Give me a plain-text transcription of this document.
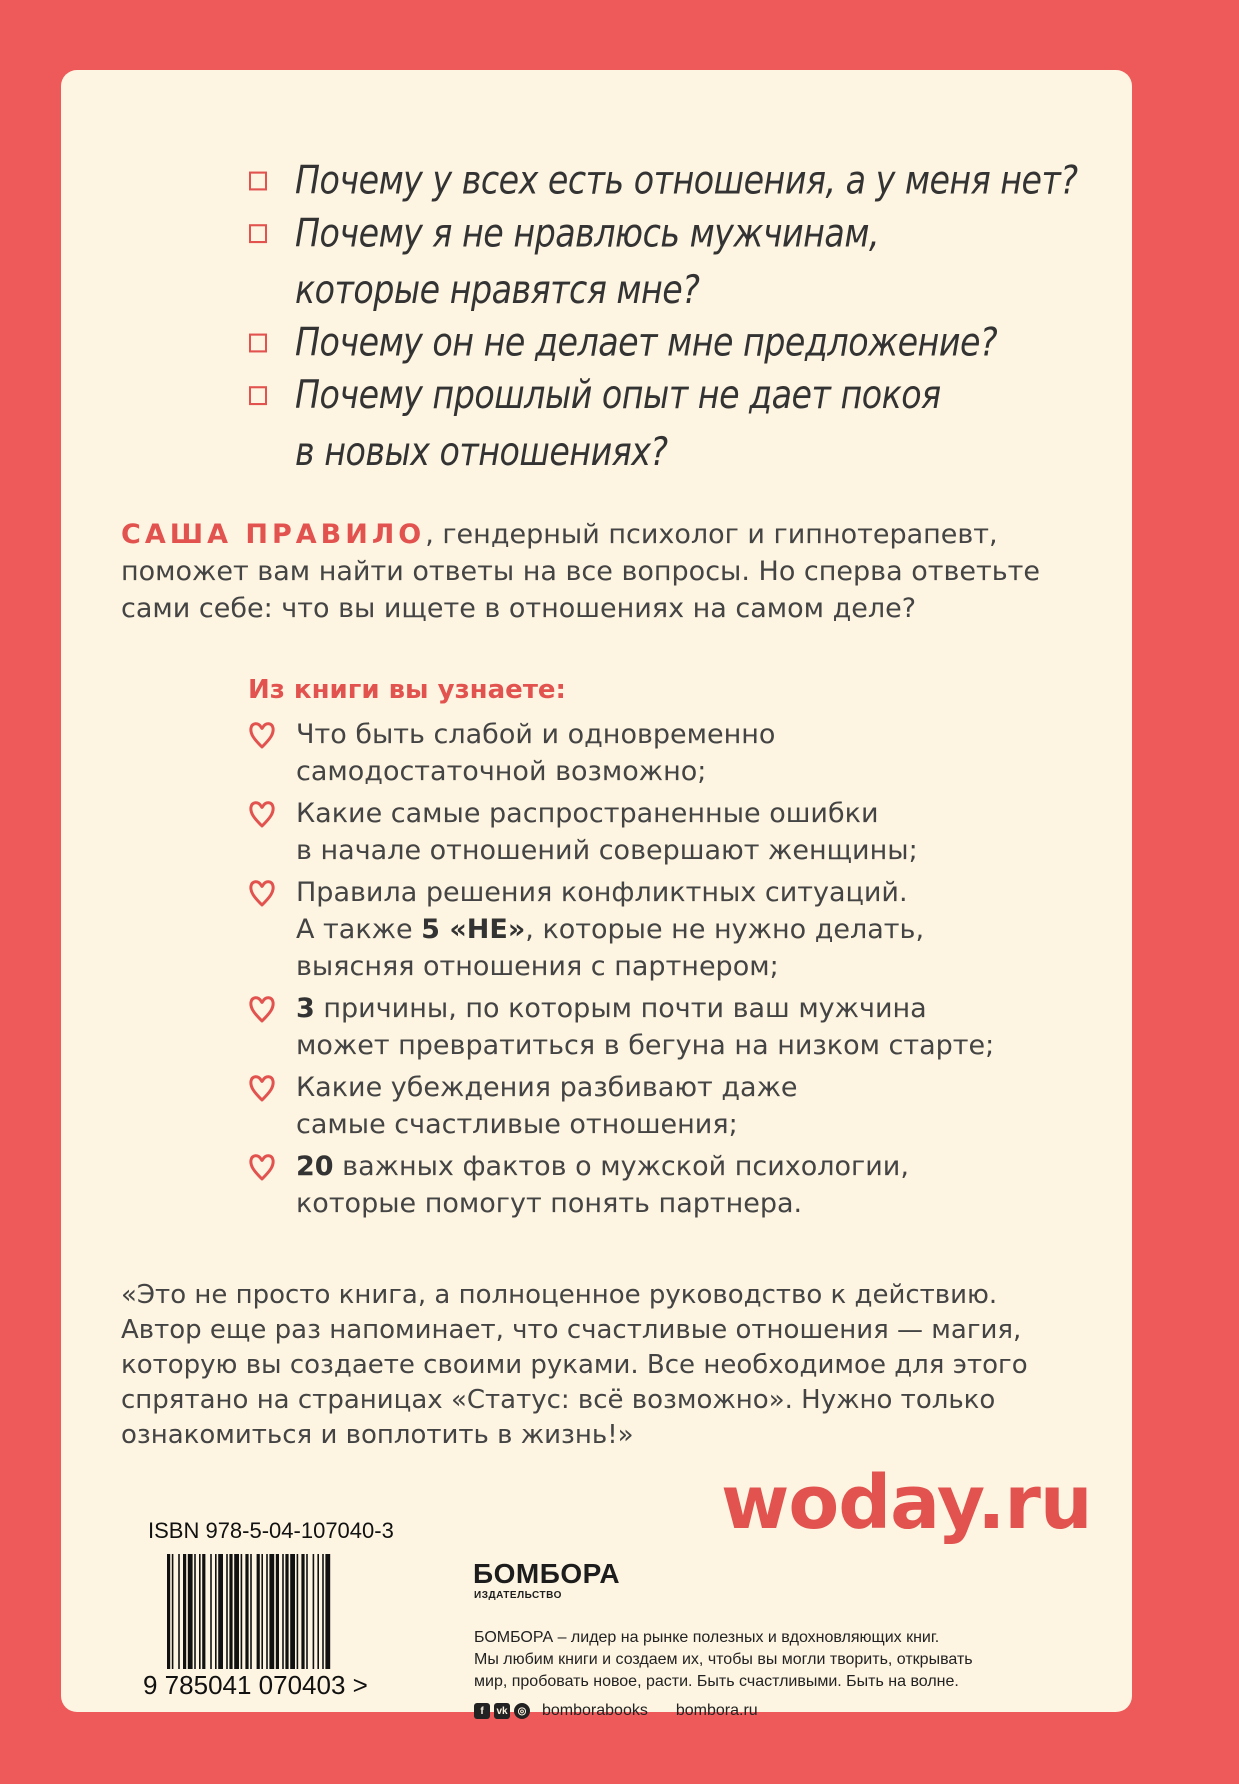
Почему у всех есть отношения, а у меня нет?
Почему я не нравлюсь мужчинам,
которые нравятся мне?
Почему он не делает мне предложение?
Почему прошлый опыт не дает покоя
в новых отношениях?
САША ПРАВИЛО, гендерный психолог и гипнотерапевт,
поможет вам найти ответы на все вопросы. Но сперва ответьте
сами себе: что вы ищете в отношениях на самом деле?
Из книги вы узнаете:
Что быть слабой и одновременно
самодостаточной возможно;
Какие самые распространенные ошибки
в начале отношений совершают женщины;
Правила решения конфликтных ситуаций.
А также 5 «НЕ», которые не нужно делать,
выясняя отношения с партнером;
3 причины, по которым почти ваш мужчина
может превратиться в бегуна на низком старте;
Какие убеждения разбивают даже
самые счастливые отношения;
20 важных фактов о мужской психологии,
которые помогут понять партнера.
«Это не просто книга, а полноценное руководство к действию.
Автор еще раз напоминает, что счастливые отношения — магия,
которую вы создаете своими руками. Все необходимое для этого
спрятано на страницах «Статус: всё возможно». Нужно только
ознакомиться и воплотить в жизнь!»
woday.ru
ISBN 978-5-04-107040-3
9 785041 070403 >
БОМБОРА
ИЗДАТЕЛЬСТВО
БОМБОРА – лидер на рынке полезных и вдохновляющих книг.
Мы любим книги и создаем их, чтобы вы могли творить, открывать
мир, пробовать новое, расти. Быть счастливыми. Быть на волне.
f	vk	◎ bomborabooks bombora.ru
